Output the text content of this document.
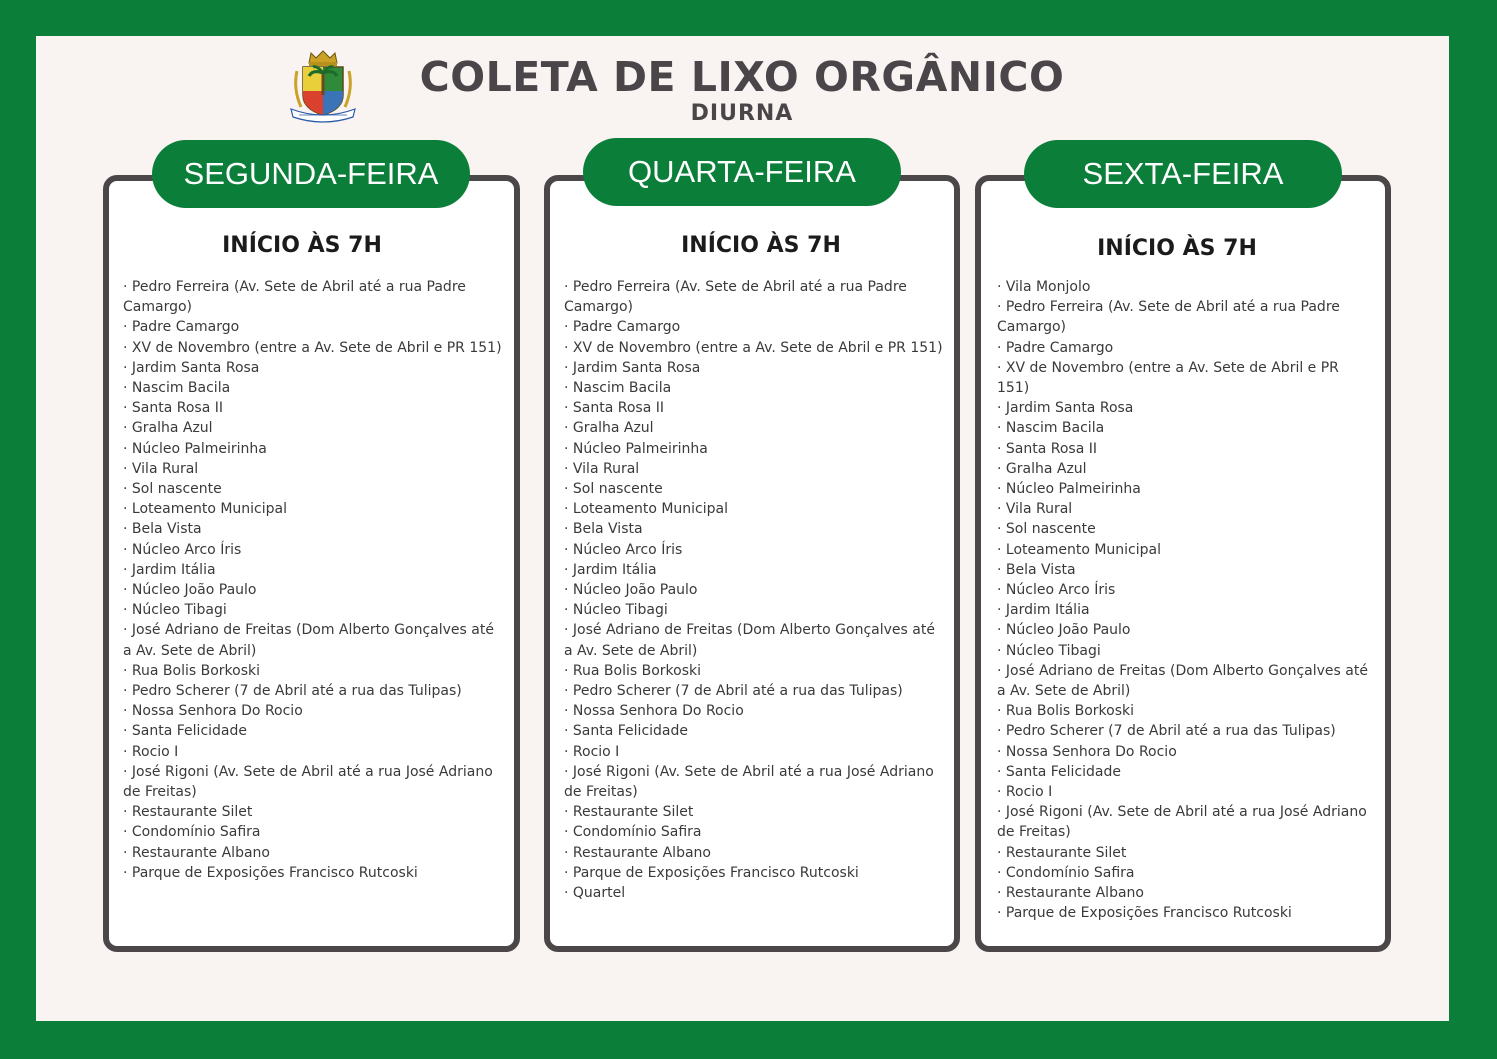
COLETA DE LIXO ORGÂNICO
DIURNA
SEGUNDA-FEIRA
INÍCIO ÀS 7H
· Pedro Ferreira (Av. Sete de Abril até a rua Padre Camargo)
· Padre Camargo
· XV de Novembro (entre a Av. Sete de Abril e PR 151)
· Jardim Santa Rosa
· Nascim Bacila
· Santa Rosa II
· Gralha Azul
· Núcleo Palmeirinha
· Vila Rural
· Sol nascente
· Loteamento Municipal
· Bela Vista
· Núcleo Arco Íris
· Jardim Itália
· Núcleo João Paulo
· Núcleo Tibagi
· José Adriano de Freitas (Dom Alberto Gonçalves até a Av. Sete de Abril)
· Rua Bolis Borkoski
· Pedro Scherer (7 de Abril até a rua das Tulipas)
· Nossa Senhora Do Rocio
· Santa Felicidade
· Rocio I
· José Rigoni (Av. Sete de Abril até a rua José Adriano de Freitas)
· Restaurante Silet
· Condomínio Safira
· Restaurante Albano
· Parque de Exposições Francisco Rutcoski
QUARTA-FEIRA
INÍCIO ÀS 7H
· Pedro Ferreira (Av. Sete de Abril até a rua Padre Camargo)
· Padre Camargo
· XV de Novembro (entre a Av. Sete de Abril e PR 151)
· Jardim Santa Rosa
· Nascim Bacila
· Santa Rosa II
· Gralha Azul
· Núcleo Palmeirinha
· Vila Rural
· Sol nascente
· Loteamento Municipal
· Bela Vista
· Núcleo Arco Íris
· Jardim Itália
· Núcleo João Paulo
· Núcleo Tibagi
· José Adriano de Freitas (Dom Alberto Gonçalves até a Av. Sete de Abril)
· Rua Bolis Borkoski
· Pedro Scherer (7 de Abril até a rua das Tulipas)
· Nossa Senhora Do Rocio
· Santa Felicidade
· Rocio I
· José Rigoni (Av. Sete de Abril até a rua José Adriano de Freitas)
· Restaurante Silet
· Condomínio Safira
· Restaurante Albano
· Parque de Exposições Francisco Rutcoski
· Quartel
SEXTA-FEIRA
INÍCIO ÀS 7H
· Vila Monjolo
· Pedro Ferreira (Av. Sete de Abril até a rua Padre Camargo)
· Padre Camargo
· XV de Novembro (entre a Av. Sete de Abril e PR 151)
· Jardim Santa Rosa
· Nascim Bacila
· Santa Rosa II
· Gralha Azul
· Núcleo Palmeirinha
· Vila Rural
· Sol nascente
· Loteamento Municipal
· Bela Vista
· Núcleo Arco Íris
· Jardim Itália
· Núcleo João Paulo
· Núcleo Tibagi
· José Adriano de Freitas (Dom Alberto Gonçalves até a Av. Sete de Abril)
· Rua Bolis Borkoski
· Pedro Scherer (7 de Abril até a rua das Tulipas)
· Nossa Senhora Do Rocio
· Santa Felicidade
· Rocio I
· José Rigoni (Av. Sete de Abril até a rua José Adriano de Freitas)
· Restaurante Silet
· Condomínio Safira
· Restaurante Albano
· Parque de Exposições Francisco Rutcoski
